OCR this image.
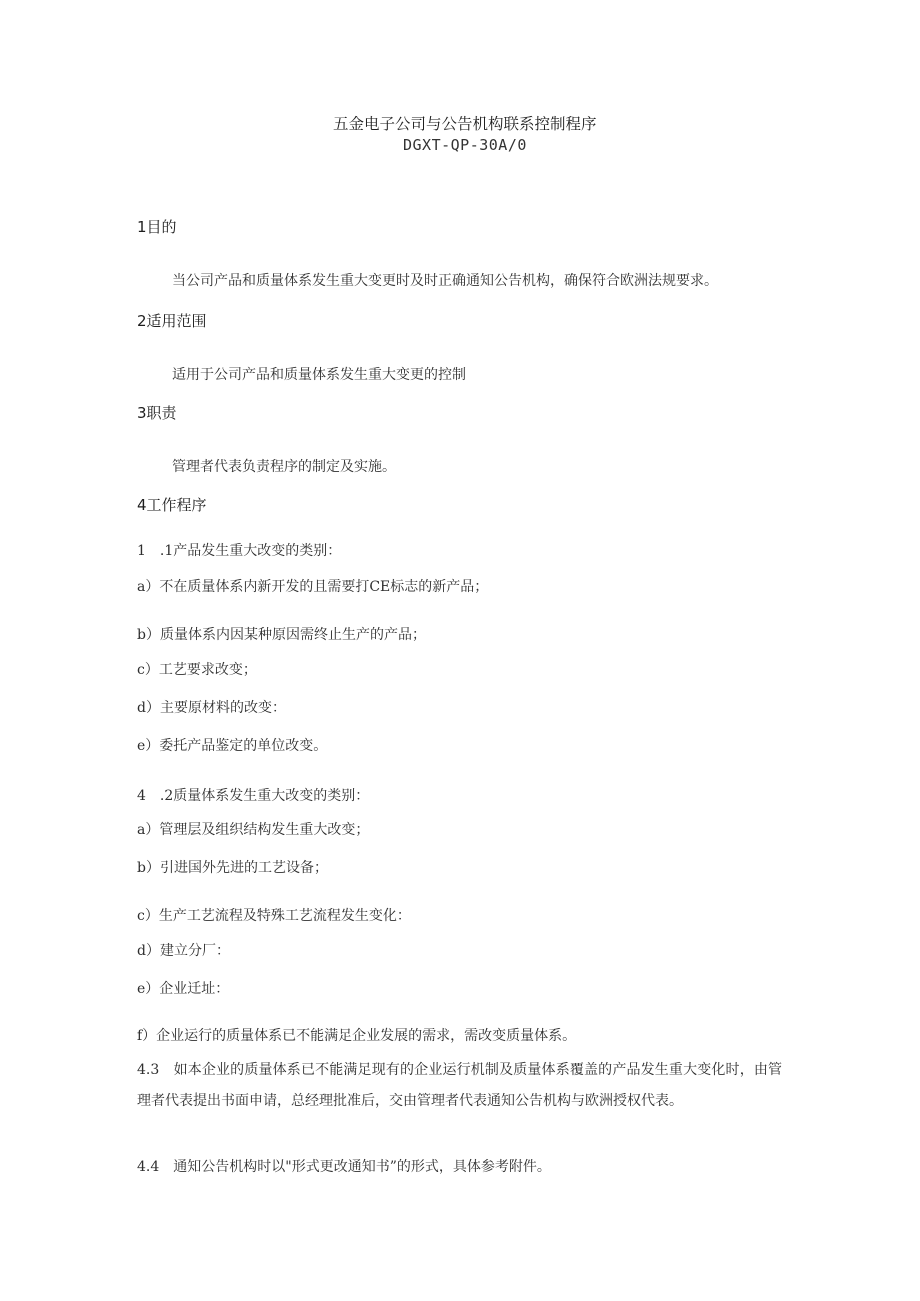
五金电子公司与公告机构联系控制程序
DGXT-QP-30A/0
1目的
当公司产品和质量体系发生重大变更时及时正确通知公告机构，确保符合欧洲法规要求。
2适用范围
适用于公司产品和质量体系发生重大变更的控制
3职责
管理者代表负责程序的制定及实施。
4工作程序
1　.1产品发生重大改变的类别：
a）不在质量体系内新开发的且需要打CE标志的新产品；
b）质量体系内因某种原因需终止生产的产品；
c）工艺要求改变；
d）主要原材料的改变：
e）委托产品鉴定的单位改变。
4　.2质量体系发生重大改变的类别：
a）管理层及组织结构发生重大改变；
b）引进国外先进的工艺设备；
c）生产工艺流程及特殊工艺流程发生变化：
d）建立分厂：
e）企业迁址：
f）企业运行的质量体系已不能满足企业发展的需求，需改变质量体系。
4.3　如本企业的质量体系已不能满足现有的企业运行机制及质量体系覆盖的产品发生重大变化时，由管理者代表提出书面申请，总经理批准后，交由管理者代表通知公告机构与欧洲授权代表。
4.4　通知公告机构时以"形式更改通知书”的形式，具体参考附件。
